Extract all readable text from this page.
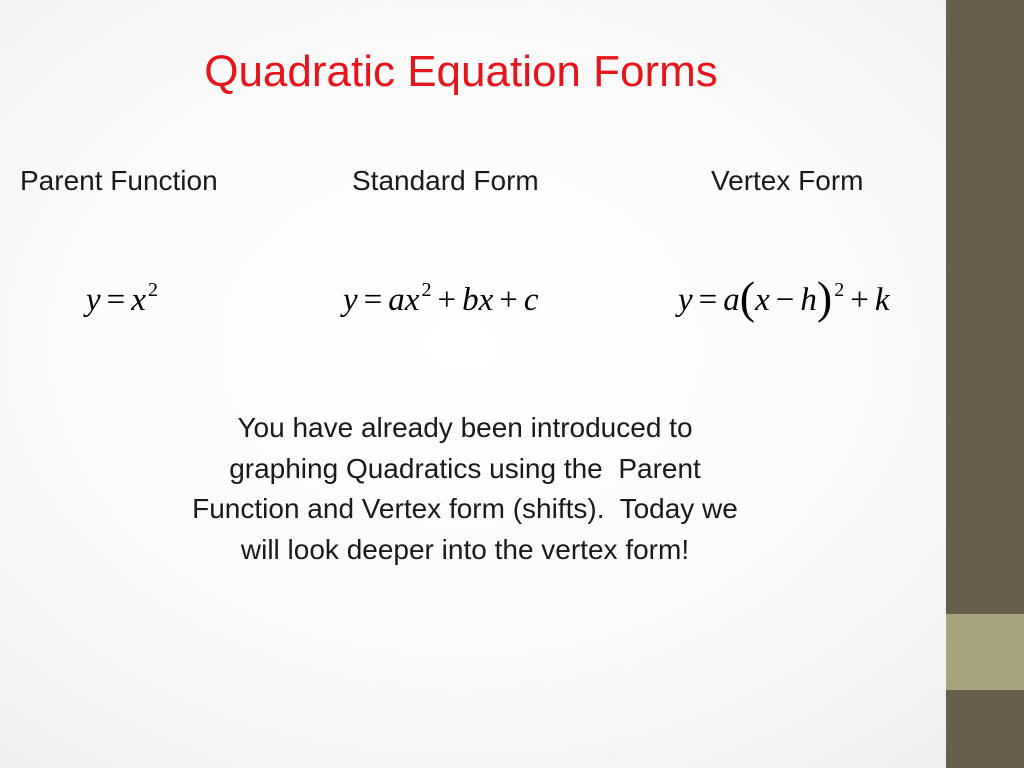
Quadratic Equation Forms
Parent Function	Standard Form	Vertex Form
y = x $^2$	y = ax $^2$ + bx + c	y = a(x − h) $^2$ + k
You have already been introduced to
graphing Quadratics using the  Parent
Function and Vertex form (shifts).  Today we
will look deeper into the vertex form!
